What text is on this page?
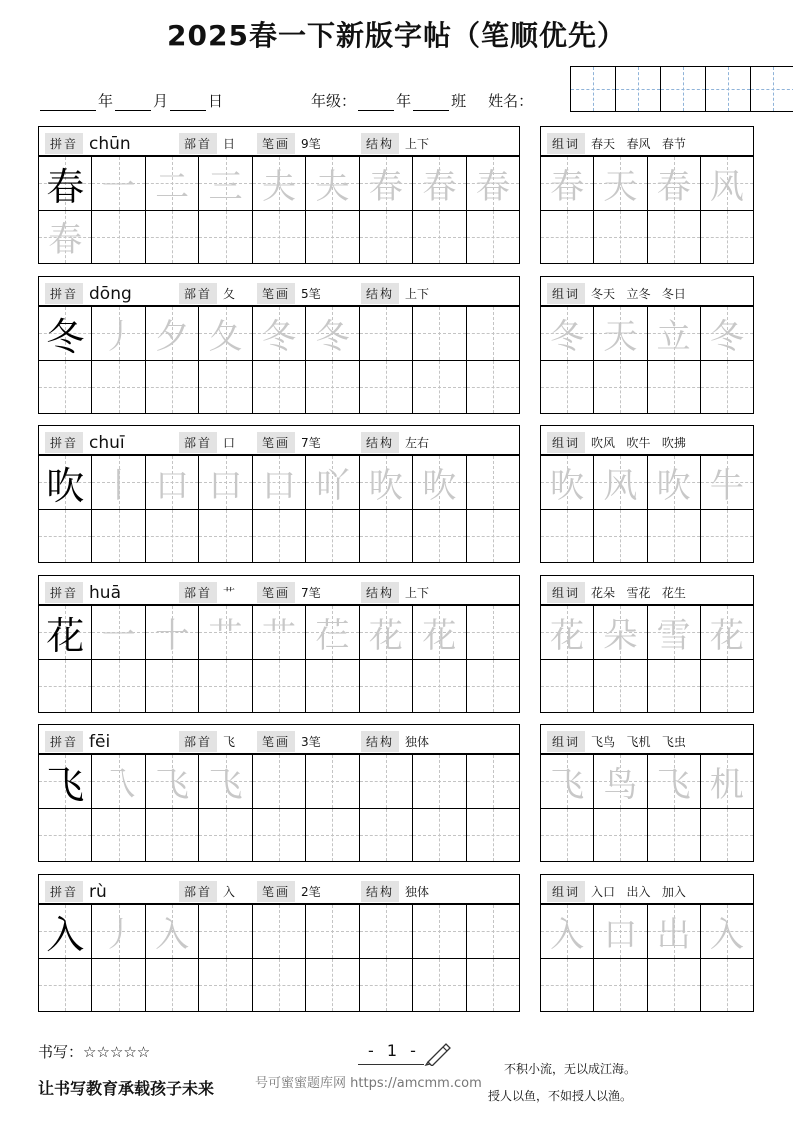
2025春一下新版字帖（笔顺优先）
年	月	日	年级：	年	班 姓名：
拼音 chūn	部首 日	笔画 9笔	结构 上下
春 一 二 三 夫 夫 春 春 春
春
组词 春天   春风   春节
春 天 春 风
拼音 dōng	部首 夂	笔画 5笔	结构 上下
冬 丿 夕 夂 冬 冬
组词 冬天   立冬   冬日
冬 天 立 冬
拼音 chuī	部首 口	笔画 7笔	结构 左右
吹 丨 口 口 口 吖 吹 吹
组词 吹风   吹牛   吹拂
吹 风 吹 牛
拼音 huā	部首 艹	笔画 7笔	结构 上下
花 一 十 艹 艹 芢 花 花
组词 花朵   雪花   花生
花 朵 雪 花
拼音 fēi	部首 飞	笔画 3笔	结构 独体
飞 乁 飞 飞
组词 飞鸟   飞机   飞虫
飞 鸟 飞 机
拼音 rù	部首 入	笔画 2笔	结构 独体
入 丿 入
组词 入口   出入   加入
入 口 出 入
书写：☆☆☆☆☆	- 1 -
让书写教育承载孩子未来	号可蜜蜜题库网 https://amcmm.com
不积小流，无以成江海。
授人以鱼，不如授人以渔。
